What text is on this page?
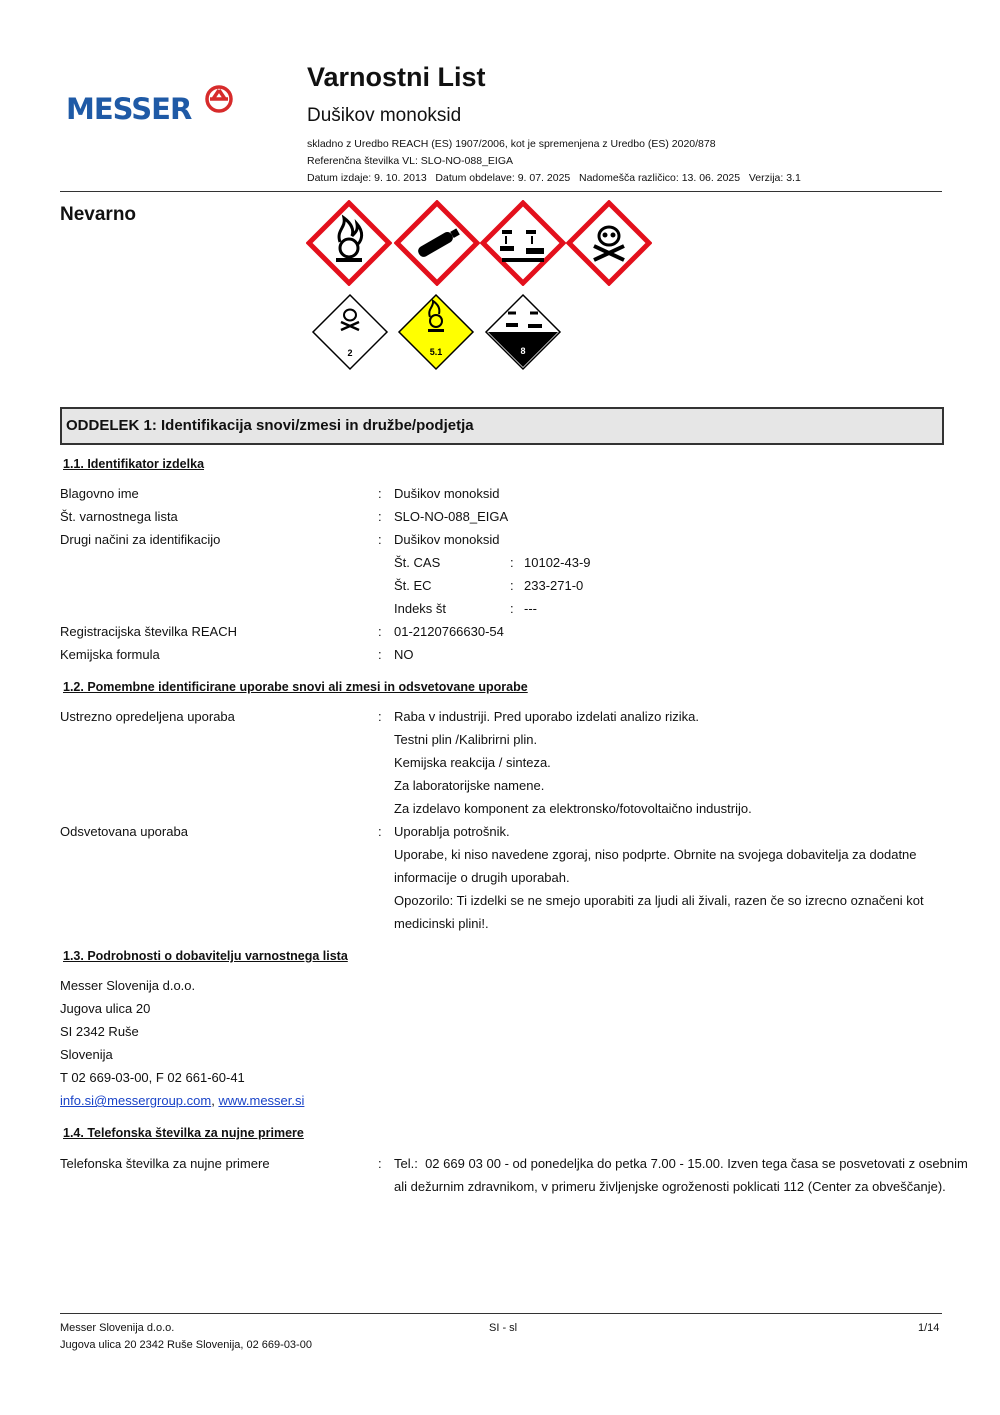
MESSER
Varnostni List
Dušikov monoksid
skladno z Uredbo REACH (ES) 1907/2006, kot je spremenjena z Uredbo (ES) 2020/878
Referenčna številka VL: SLO-NO-088_EIGA
Datum izdaje: 9. 10. 2013   Datum obdelave: 9. 07. 2025   Nadomešča različico: 13. 06. 2025   Verzija: 3.1
Nevarno
2	5.1	8
ODDELEK 1: Identifikacija snovi/zmesi in družbe/podjetja
1.1. Identifikator izdelka
Blagovno ime	: Dušikov monoksid
Št. varnostnega lista	: SLO-NO-088_EIGA
Drugi načini za identifikacijo	: Dušikov monoksid
Št. CAS	: 10102-43-9
Št. EC	: 233-271-0
Indeks št	: ---
Registracijska številka REACH	: 01-2120766630-54
Kemijska formula	: NO
1.2. Pomembne identificirane uporabe snovi ali zmesi in odsvetovane uporabe
Ustrezno opredeljena uporaba	: Raba v industriji. Pred uporabo izdelati analizo rizika.
Testni plin /Kalibrirni plin.
Kemijska reakcija / sinteza.
Za laboratorijske namene.
Za izdelavo komponent za elektronsko/fotovoltaično industrijo.
Odsvetovana uporaba	: Uporablja potrošnik.
Uporabe, ki niso navedene zgoraj, niso podprte. Obrnite na svojega dobavitelja za dodatne
informacije o drugih uporabah.
Opozorilo: Ti izdelki se ne smejo uporabiti za ljudi ali živali, razen če so izrecno označeni kot
medicinski plini!.
1.3. Podrobnosti o dobavitelju varnostnega lista
Messer Slovenija d.o.o.
Jugova ulica 20
SI 2342 Ruše
Slovenija
T 02 669-03-00, F 02 661-60-41
info.si@messergroup.com, www.messer.si
1.4. Telefonska številka za nujne primere
Telefonska številka za nujne primere	: Tel.:  02 669 03 00 - od ponedeljka do petka 7.00 - 15.00. Izven tega časa se posvetovati z osebnim
ali dežurnim zdravnikom, v primeru življenjske ogroženosti poklicati 112 (Center za obveščanje).
Messer Slovenija d.o.o.
Jugova ulica 20 2342 Ruše Slovenija, 02 669-03-00
SI - sl	1/14
